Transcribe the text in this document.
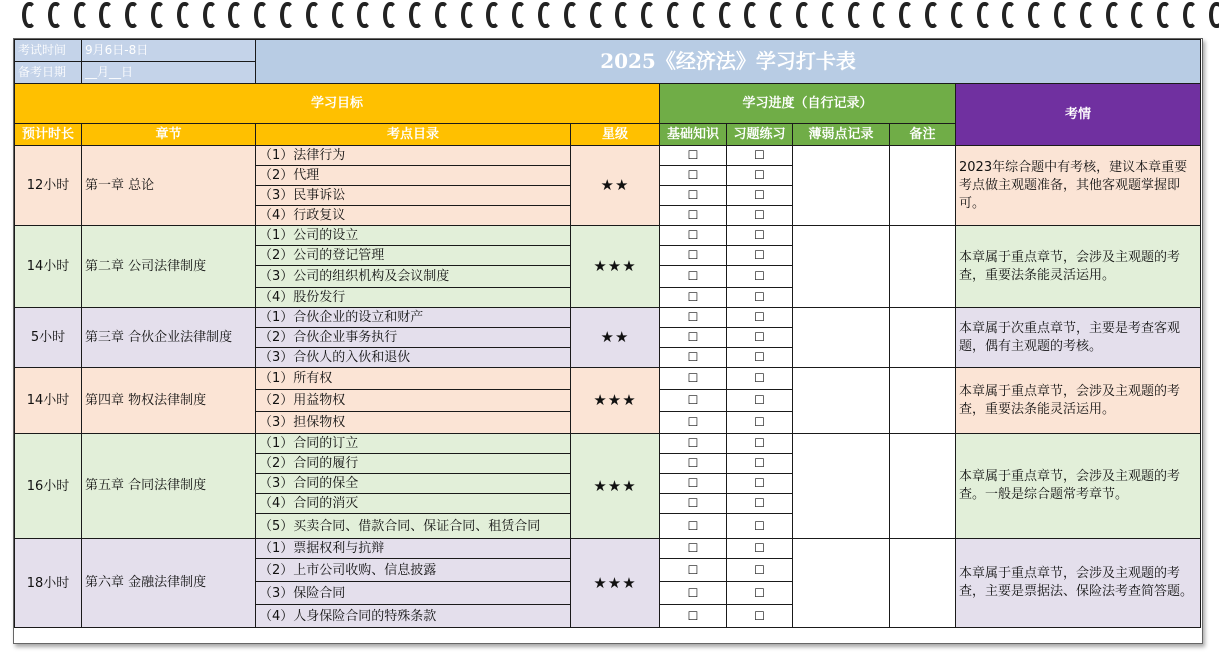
考试时间	9月6日-8日	2025《经济法》学习打卡表						
备考日期	__月__日							
学习目标				学习进度（自行记录）				考情
预计时长	章节	考点目录	星级	基础知识	习题练习	薄弱点记录	备注	
12小时	第一章 总论	（1）法律行为	★★	☐	☐			2023年综合题中有考核，建议本章重要考点做主观题准备，其他客观题掌握即可。
		（2）代理		☐	☐			
		（3）民事诉讼		☐	☐			
		（4）行政复议		☐	☐			
14小时	第二章 公司法律制度	（1）公司的设立	★★★	☐	☐			本章属于重点章节，会涉及主观题的考查，重要法条能灵活运用。
		（2）公司的登记管理		☐	☐			
		（3）公司的组织机构及会议制度		☐	☐			
		（4）股份发行		☐	☐			
5小时	第三章 合伙企业法律制度	（1）合伙企业的设立和财产	★★	☐	☐			本章属于次重点章节，主要是考查客观题，偶有主观题的考核。
		（2）合伙企业事务执行		☐	☐			
		（3）合伙人的入伙和退伙		☐	☐			
14小时	第四章 物权法律制度	（1）所有权	★★★	☐	☐			本章属于重点章节，会涉及主观题的考查，重要法条能灵活运用。
		（2）用益物权		☐	☐			
		（3）担保物权		☐	☐			
16小时	第五章 合同法律制度	（1）合同的订立	★★★	☐	☐			本章属于重点章节，会涉及主观题的考查。一般是综合题常考章节。
		（2）合同的履行		☐	☐			
		（3）合同的保全		☐	☐			
		（4）合同的消灭		☐	☐			
		（5）买卖合同、借款合同、保证合同、租赁合同		☐	☐			
18小时	第六章 金融法律制度	（1）票据权利与抗辩	★★★	☐	☐			本章属于重点章节，会涉及主观题的考查，主要是票据法、保险法考查简答题。
		（2）上市公司收购、信息披露		☐	☐			
		（3）保险合同		☐	☐			
		（4）人身保险合同的特殊条款		☐	☐			
